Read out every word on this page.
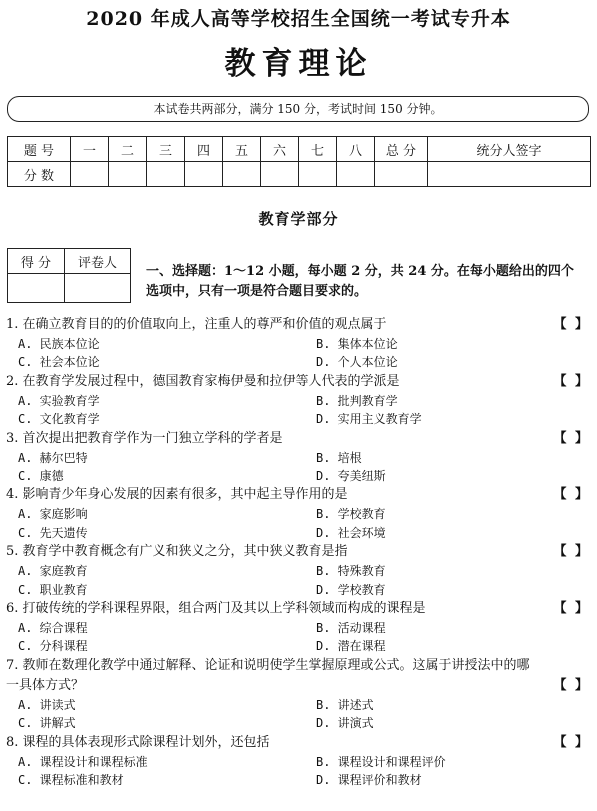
2020 年成人高等学校招生全国统一考试专升本
教育理论
本试卷共两部分，满分 150 分，考试时间 150 分钟。
题 号	一	二	三	四	五	六	七	八	总 分	统分人签字
分 数										
教育学部分
得 分	评卷人

一、选择题：1～12 小题，每小题 2 分，共 24 分。在每小题给出的四个选项中，只有一项是符合题目要求的。
1. 在确立教育目的的价值取向上，注重人的尊严和价值的观点属于	【 】
A. 民族本位论	B. 集体本位论
C. 社会本位论	D. 个人本位论
2. 在教育学发展过程中，德国教育家梅伊曼和拉伊等人代表的学派是	【 】
A. 实验教育学	B. 批判教育学
C. 文化教育学	D. 实用主义教育学
3. 首次提出把教育学作为一门独立学科的学者是	【 】
A. 赫尔巴特	B. 培根
C. 康德	D. 夸美纽斯
4. 影响青少年身心发展的因素有很多，其中起主导作用的是	【 】
A. 家庭影响	B. 学校教育
C. 先天遗传	D. 社会环境
5. 教育学中教育概念有广义和狭义之分，其中狭义教育是指	【 】
A. 家庭教育	B. 特殊教育
C. 职业教育	D. 学校教育
6. 打破传统的学科课程界限，组合两门及其以上学科领域而构成的课程是	【 】
A. 综合课程	B. 活动课程
C. 分科课程	D. 潜在课程
7. 教师在数理化教学中通过解释、论证和说明使学生掌握原理或公式。这属于讲授法中的哪一具体方式？	【 】
A. 讲读式	B. 讲述式
C. 讲解式	D. 讲演式
8. 课程的具体表现形式除课程计划外，还包括	【 】
A. 课程设计和课程标准	B. 课程设计和课程评价
C. 课程标准和教材	D. 课程评价和教材
